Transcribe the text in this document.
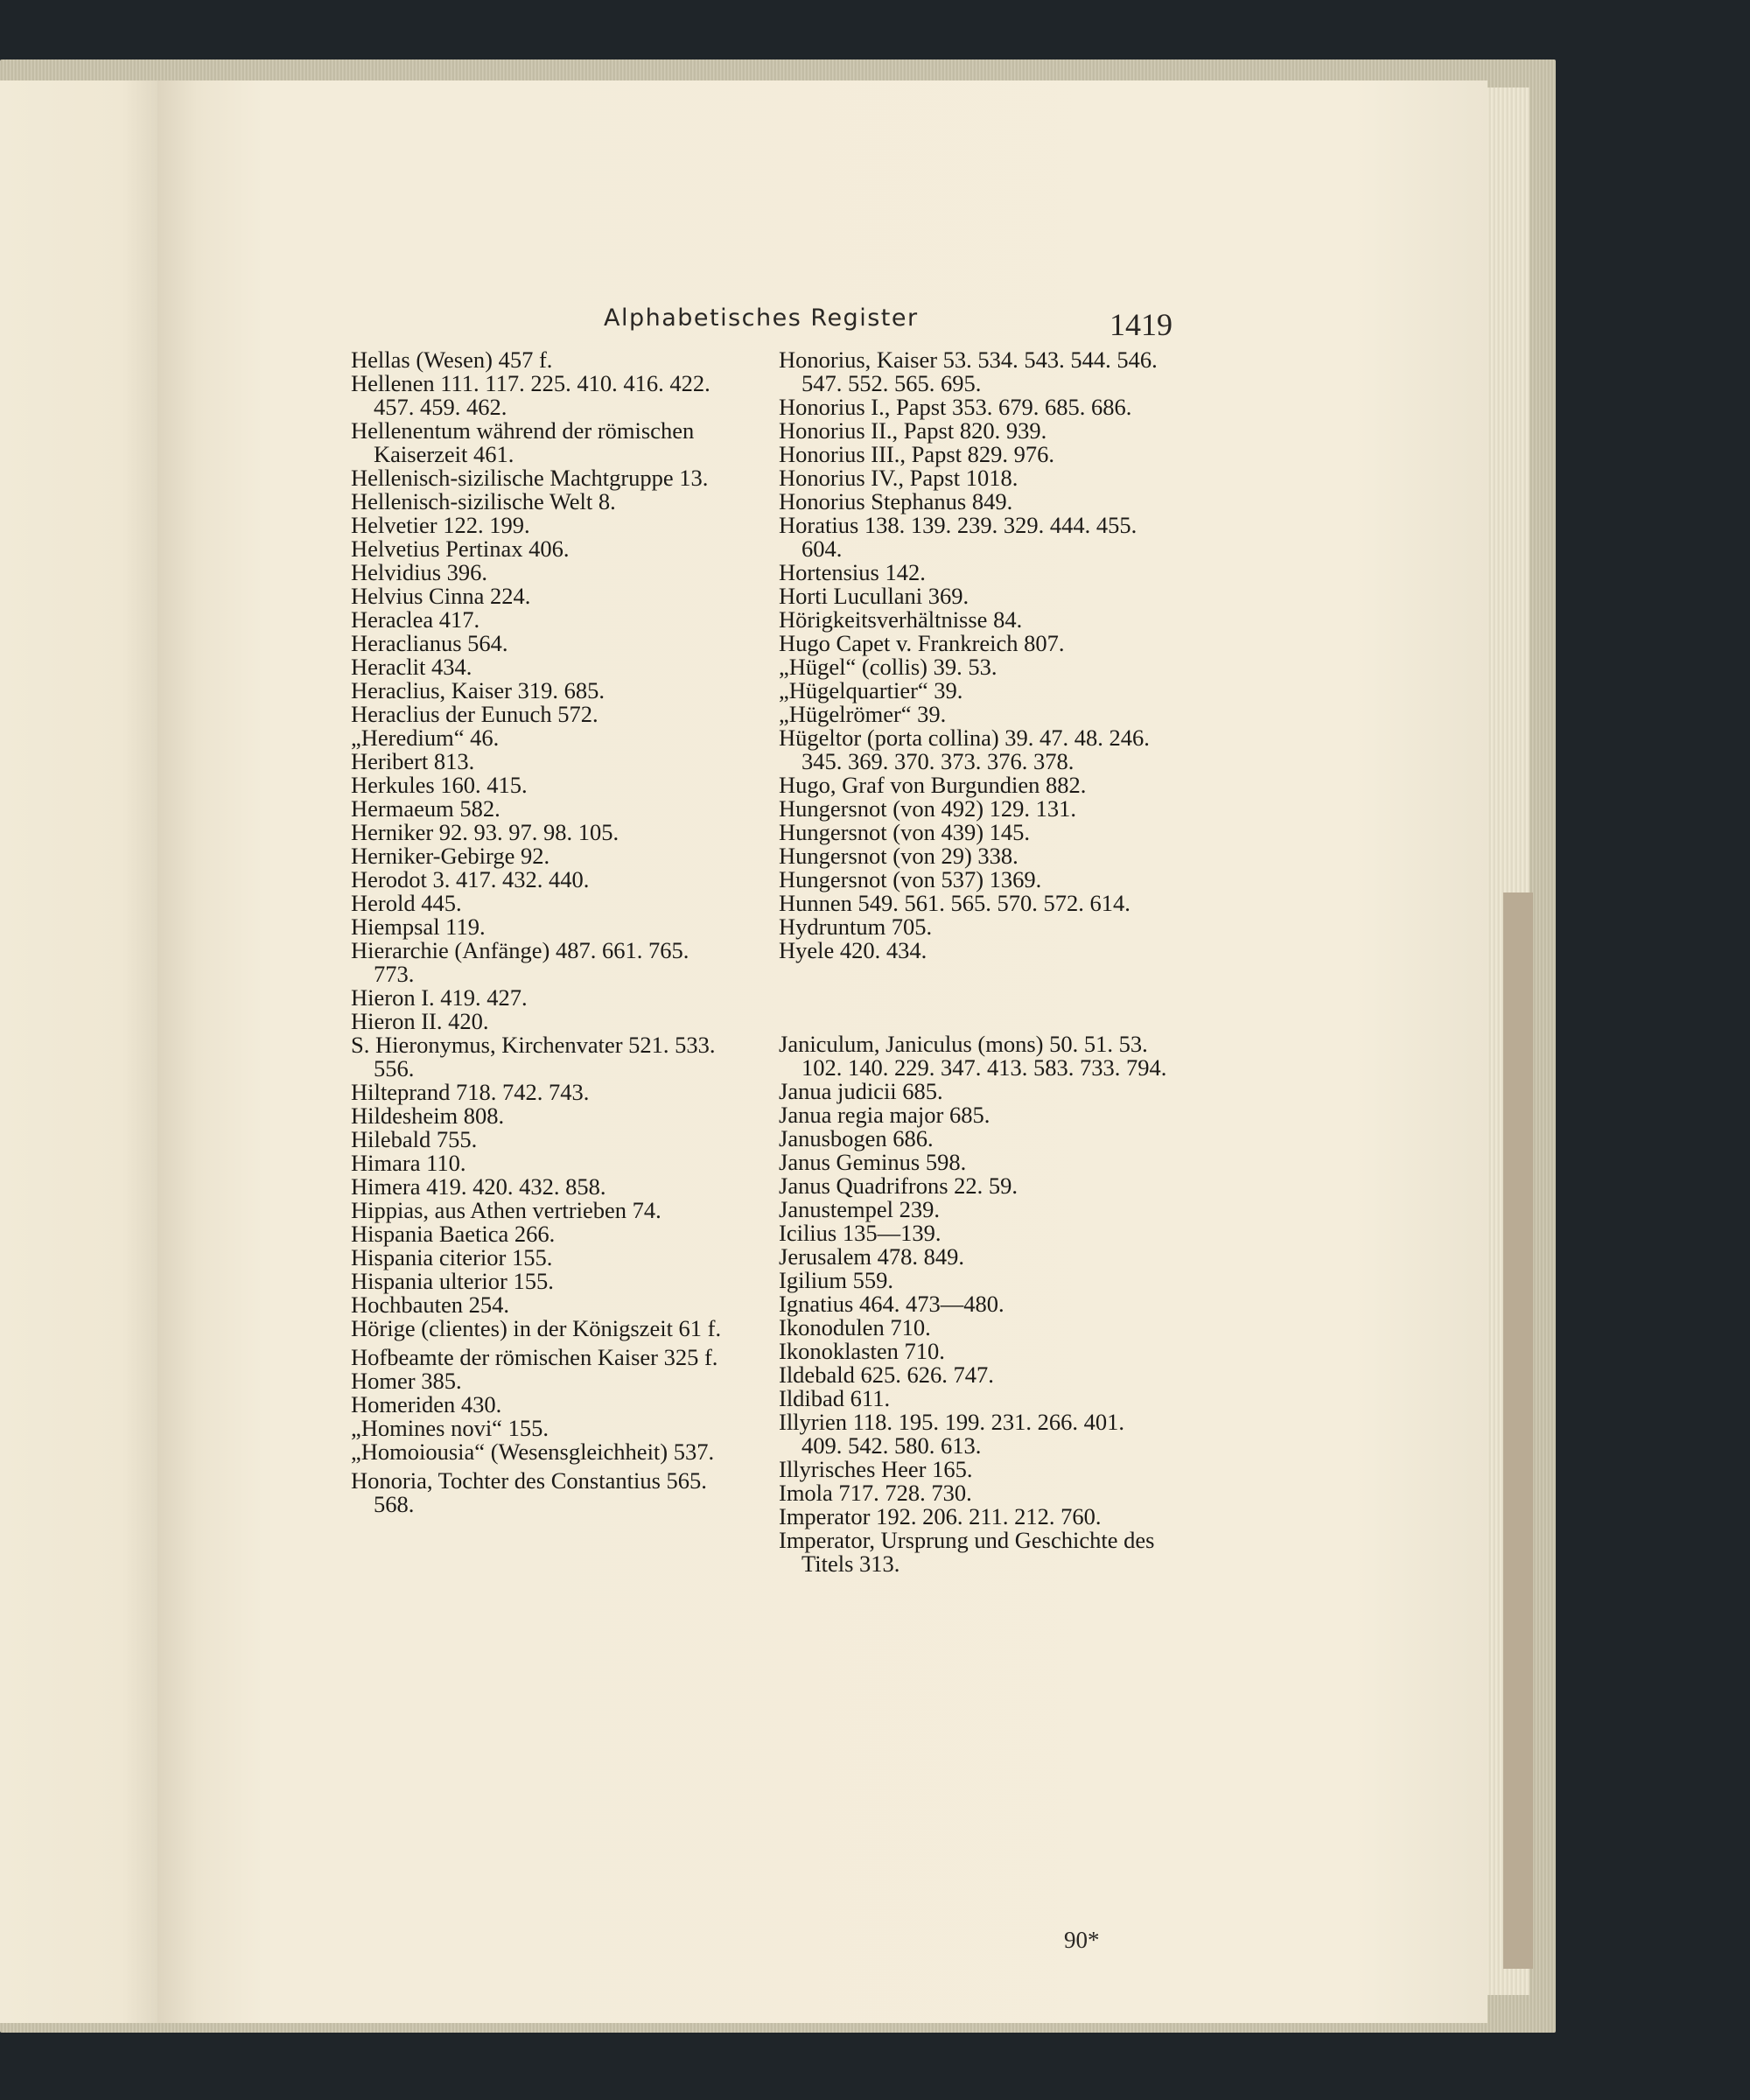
Alphabetisches Register	1419

Hellas (Wesen) 457 f.

Hellenen 111. 117. 225. 410. 416. 422. 457. 459. 462.

Hellenentum während der römischen Kaiserzeit 461.

Hellenisch-sizilische Machtgruppe 13.

Hellenisch-sizilische Welt 8.

Helvetier 122. 199.

Helvetius Pertinax 406.

Helvidius 396.

Helvius Cinna 224.

Heraclea 417.

Heraclianus 564.

Heraclit 434.

Heraclius, Kaiser 319. 685.

Heraclius der Eunuch 572.

„Heredium“ 46.

Heribert 813.

Herkules 160. 415.

Hermaeum 582.

Herniker 92. 93. 97. 98. 105.

Herniker-Gebirge 92.

Herodot 3. 417. 432. 440.

Herold 445.

Hiempsal 119.

Hierarchie (Anfänge) 487. 661. 765. 773.

Hieron I. 419. 427.

Hieron II. 420.

S. Hieronymus, Kirchenvater 521. 533. 556.

Hilteprand 718. 742. 743.

Hildesheim 808.

Hilebald 755.

Himara 110.

Himera 419. 420. 432. 858.

Hippias, aus Athen vertrieben 74.

Hispania Baetica 266.

Hispania citerior 155.

Hispania ulterior 155.

Hochbauten 254.

Hörige (clientes) in der Königszeit 61 f.

Hofbeamte der römischen Kaiser 325 f.

Homer 385.

Homeriden 430.

„Homines novi“ 155.

„Homoiousia“ (Wesensgleichheit) 537.

Honoria, Tochter des Constantius 565. 568.

Honorius, Kaiser 53. 534. 543. 544. 546. 547. 552. 565. 695.

Honorius I., Papst 353. 679. 685. 686.

Honorius II., Papst 820. 939.

Honorius III., Papst 829. 976.

Honorius IV., Papst 1018.

Honorius Stephanus 849.

Horatius 138. 139. 239. 329. 444. 455. 604.

Hortensius 142.

Horti Lucullani 369.

Hörigkeitsverhältnisse 84.

Hugo Capet v. Frankreich 807.

„Hügel“ (collis) 39. 53.

„Hügelquartier“ 39.

„Hügelrömer“ 39.

Hügeltor (porta collina) 39. 47. 48. 246. 345. 369. 370. 373. 376. 378.

Hugo, Graf von Burgundien 882.

Hungersnot (von 492) 129. 131.

Hungersnot (von 439) 145.

Hungersnot (von 29) 338.

Hungersnot (von 537) 1369.

Hunnen 549. 561. 565. 570. 572. 614.

Hydruntum 705.

Hyele 420. 434.

Janiculum, Janiculus (mons) 50. 51. 53. 102. 140. 229. 347. 413. 583. 733. 794.

Janua judicii 685.

Janua regia major 685.

Janusbogen 686.

Janus Geminus 598.

Janus Quadrifrons 22. 59.

Janustempel 239.

Icilius 135—139.

Jerusalem 478. 849.

Igilium 559.

Ignatius 464. 473—480.

Ikonodulen 710.

Ikonoklasten 710.

Ildebald 625. 626. 747.

Ildibad 611.

Illyrien 118. 195. 199. 231. 266. 401. 409. 542. 580. 613.

Illyrisches Heer 165.

Imola 717. 728. 730.

Imperator 192. 206. 211. 212. 760.

Imperator, Ursprung und Geschichte des Titels 313.

90*
